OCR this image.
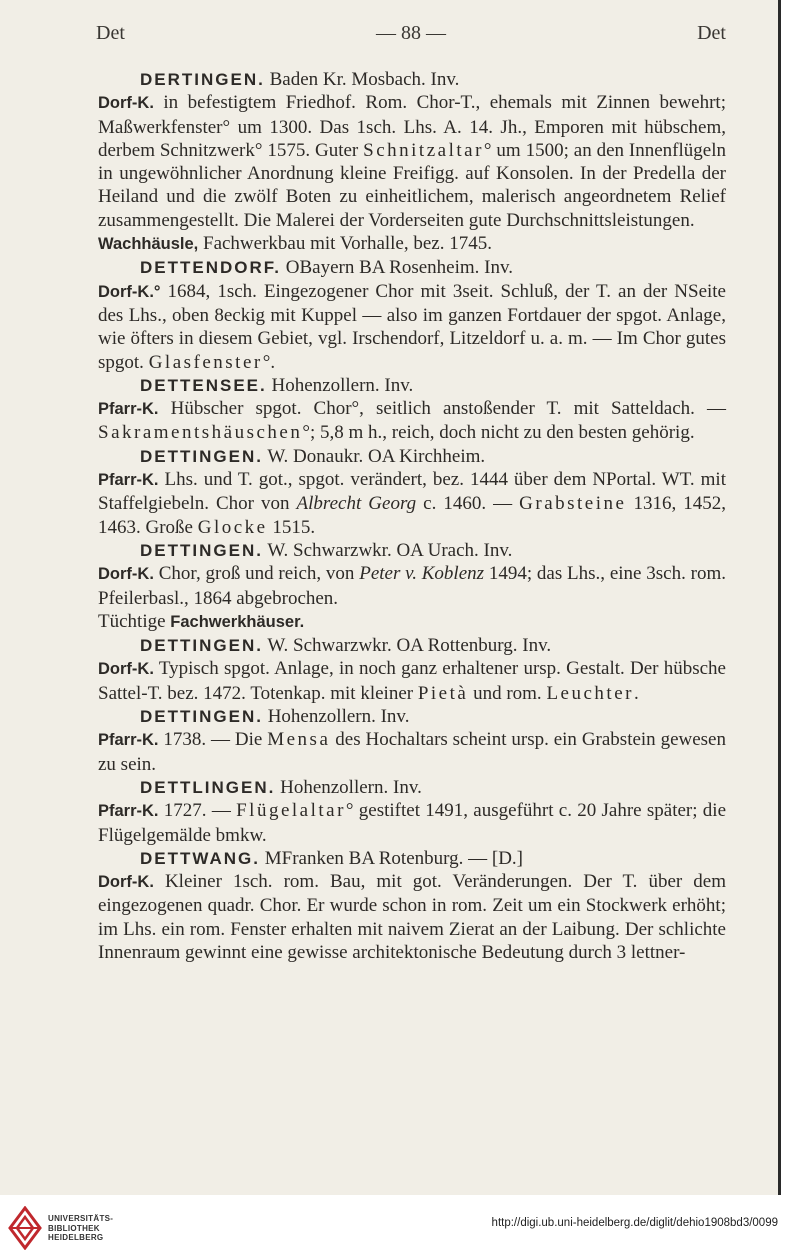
Det	— 88 —	Det

DERTINGEN. Baden Kr. Mosbach. Inv.

Dorf-K. in befestigtem Friedhof. Rom. Chor-T., ehemals mit Zinnen bewehrt; Maßwerkfenster° um 1300. Das 1sch. Lhs. A. 14. Jh., Emporen mit hübschem, derbem Schnitzwerk° 1575. Guter Schnitzaltar° um 1500; an den Innenflügeln in ungewöhnlicher Anordnung kleine Freifigg. auf Konsolen. In der Predella der Heiland und die zwölf Boten zu einheitlichem, malerisch angeordnetem Relief zusammengestellt. Die Malerei der Vorderseiten gute Durchschnittsleistungen.

Wachhäusle, Fachwerkbau mit Vorhalle, bez. 1745.

DETTENDORF. OBayern BA Rosenheim. Inv.

Dorf-K.° 1684, 1sch. Eingezogener Chor mit 3seit. Schluß, der T. an der NSeite des Lhs., oben 8eckig mit Kuppel — also im ganzen Fortdauer der spgot. Anlage, wie öfters in diesem Gebiet, vgl. Irschendorf, Litzeldorf u. a. m. — Im Chor gutes spgot. Glasfenster°.

DETTENSEE. Hohenzollern. Inv.

Pfarr-K. Hübscher spgot. Chor°, seitlich anstoßender T. mit Satteldach. — Sakramentshäuschen°; 5,8 m h., reich, doch nicht zu den besten gehörig.

DETTINGEN. W. Donaukr. OA Kirchheim.

Pfarr-K. Lhs. und T. got., spgot. verändert, bez. 1444 über dem NPortal. WT. mit Staffelgiebeln. Chor von Albrecht Georg c. 1460. — Grabsteine 1316, 1452, 1463. Große Glocke 1515.

DETTINGEN. W. Schwarzwkr. OA Urach. Inv.

Dorf-K. Chor, groß und reich, von Peter v. Koblenz 1494; das Lhs., eine 3sch. rom. Pfeilerbasl., 1864 abgebrochen.

Tüchtige Fachwerkhäuser.

DETTINGEN. W. Schwarzwkr. OA Rottenburg. Inv.

Dorf-K. Typisch spgot. Anlage, in noch ganz erhaltener ursp. Gestalt. Der hübsche Sattel-T. bez. 1472. Totenkap. mit kleiner Pietà und rom. Leuchter.

DETTINGEN. Hohenzollern. Inv.

Pfarr-K. 1738. — Die Mensa des Hochaltars scheint ursp. ein Grabstein gewesen zu sein.

DETTLINGEN. Hohenzollern. Inv.

Pfarr-K. 1727. — Flügelaltar° gestiftet 1491, ausgeführt c. 20 Jahre später; die Flügelgemälde bmkw.

DETTWANG. MFranken BA Rotenburg. — [D.]

Dorf-K. Kleiner 1sch. rom. Bau, mit got. Veränderungen. Der T. über dem eingezogenen quadr. Chor. Er wurde schon in rom. Zeit um ein Stockwerk erhöht; im Lhs. ein rom. Fenster erhalten mit naivem Zierat an der Laibung. Der schlichte Innenraum gewinnt eine gewisse architektonische Bedeutung durch 3 lettner-

UNIVERSITÄTS-
BIBLIOTHEK
HEIDELBERG
http://digi.ub.uni-heidelberg.de/diglit/dehio1908bd3/0099
